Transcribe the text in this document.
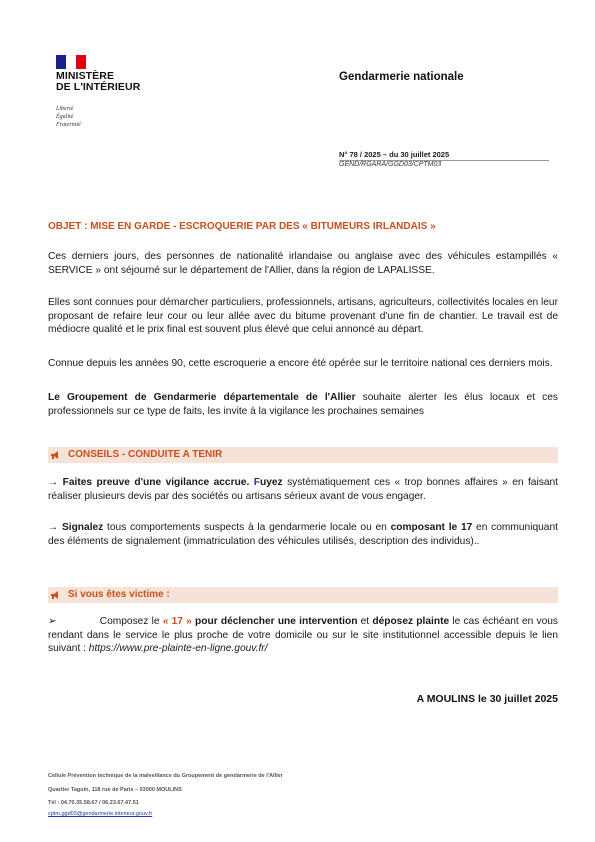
MINISTÈRE
DE L'INTÉRIEUR
Liberté
Égalité
Fraternité
Gendarmerie nationale
N° 78 / 2025 – du 30 juillet 2025
GEND/RGARA/GGD03/CPTM03
OBJET : MISE EN GARDE - ESCROQUERIE PAR DES « BITUMEURS IRLANDAIS »
Ces derniers jours, des personnes de nationalité irlandaise ou anglaise avec des véhicules estampillés « SERVICE » ont séjourné sur le département de l'Allier, dans la région de LAPALISSE.
Elles sont connues pour démarcher particuliers, professionnels, artisans, agriculteurs, collectivités locales en leur proposant de refaire leur cour ou leur allée avec du bitume provenant d'une fin de chantier. Le travail est de médiocre qualité et le prix final est souvent plus élevé que celui annoncé au départ.
Connue depuis les années 90, cette escroquerie a encore été opérée sur le territoire national ces derniers mois.
Le Groupement de Gendarmerie départementale de l'Allier souhaite alerter les élus locaux et ces professionnels sur ce type de faits, les invite à la vigilance les prochaines semaines
CONSEILS - CONDUITE A TENIR
→ Faites preuve d'une vigilance accrue. Fuyez systématiquement ces « trop bonnes affaires » en faisant réaliser plusieurs devis par des sociétés ou artisans sérieux avant de vous engager.
→ Signalez tous comportements suspects à la gendarmerie locale ou en composant le 17 en communiquant des éléments de signalement (immatriculation des véhicules utilisés, description des individus)..
Si vous êtes victime :
➢	Composez le « 17 » pour déclencher une intervention et déposez plainte le cas échéant en vous rendant dans le service le plus proche de votre domicile ou sur le site institutionnel accessible depuis le lien suivant : https://www.pre-plainte-en-ligne.gouv.fr/
A MOULINS le 30 juillet 2025
Cellule Prévention technique de la malveillance du Groupement de gendarmerie de l'Allier
Quartier Taguin, 118 rue de Paris – 03000 MOULINS
Tél : 04.70.35.58.67 / 06.23.67.47.51
cptm.ggd03@gendarmerie.interieur.gouv.fr
